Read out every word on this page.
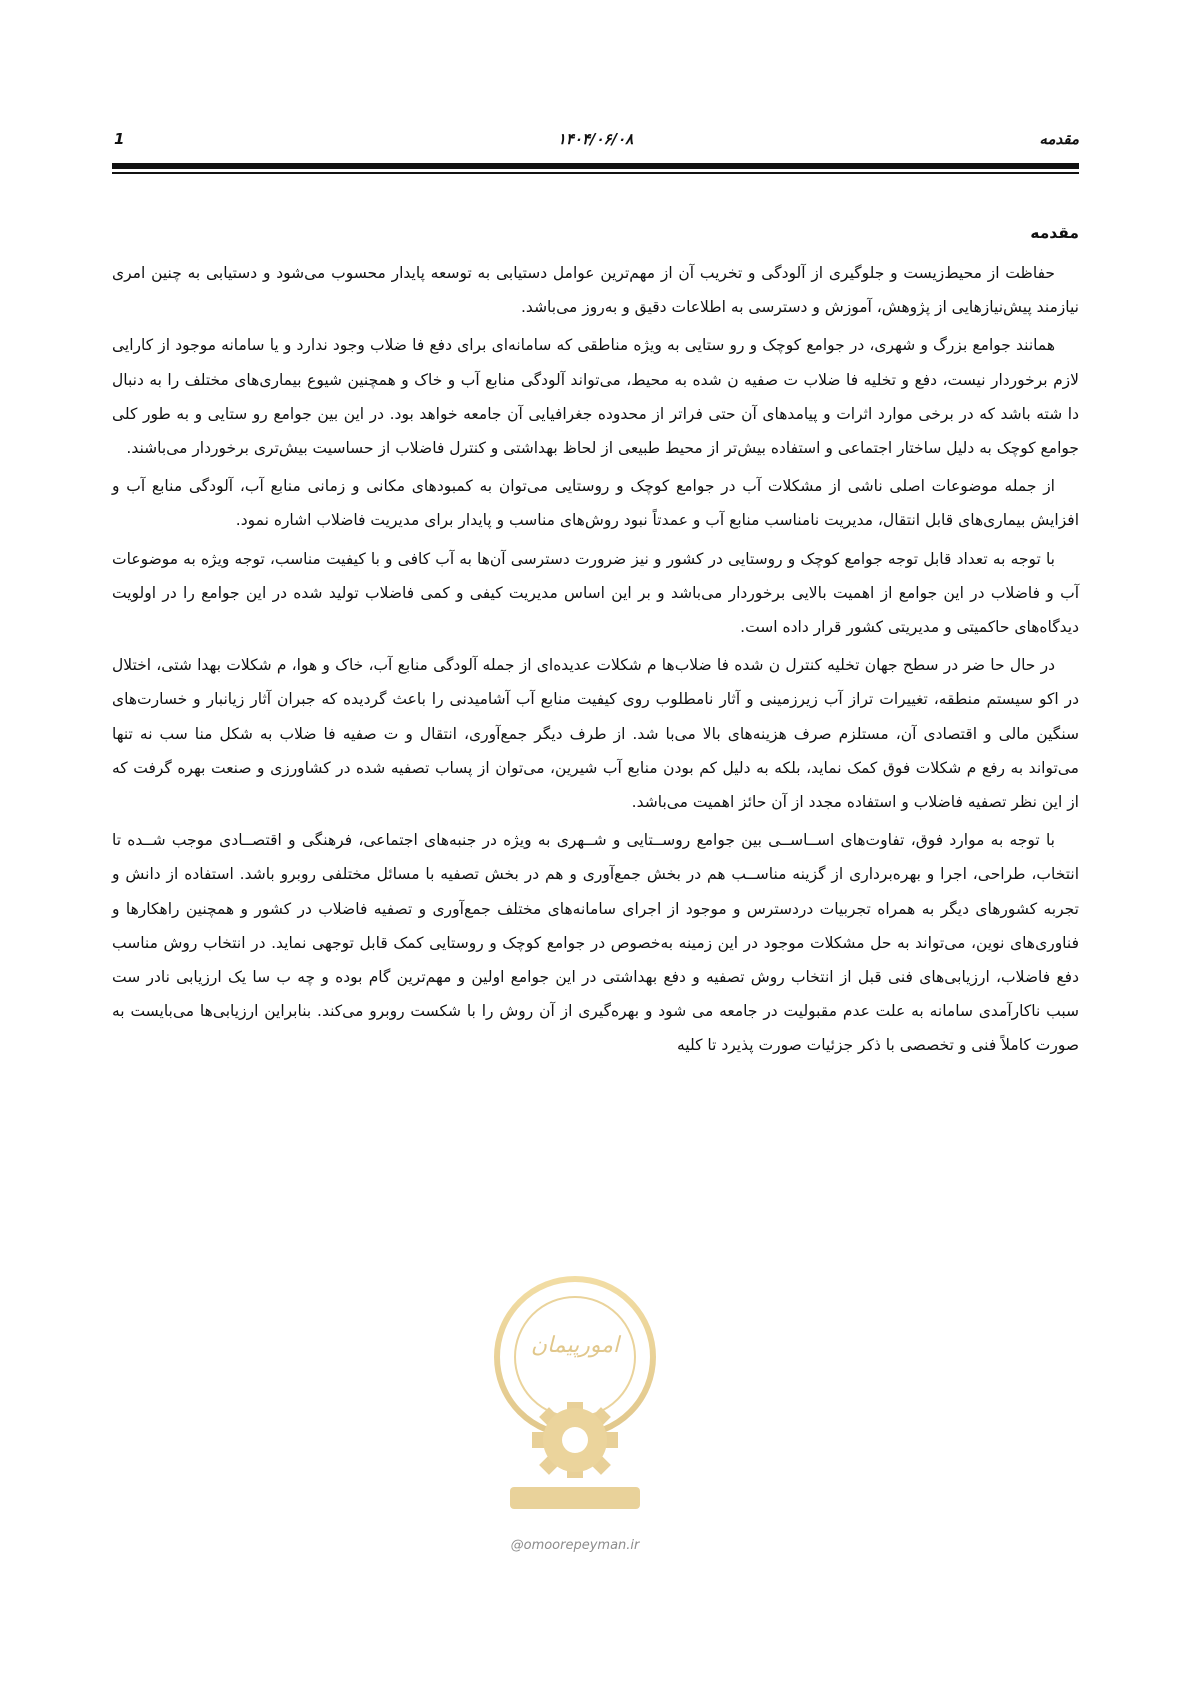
مقدمه
۱۴۰۴/۰۶/۰۸
1
مقدمه

حفاظت از محیط‌زیست و جلوگیری از آلودگی و تخریب آن از مهم‌ترین عوامل دستیابی به توسعه پایدار محسوب می‌شود و دستیابی به چنین امری نیازمند پیش‌نیازهایی از پژوهش، آموزش و دسترسی به اطلاعات دقیق و به‌روز می‌باشد.

همانند جوامع بزرگ و شهری، در جوامع کوچک و رو ستایی به ویژه مناطقی که سامانه‌ای برای دفع فا ضلاب وجود ندارد و یا سامانه موجود از کارایی لازم برخوردار نیست، دفع و تخلیه فا ضلاب ت صفیه ن شده به محیط، می‌تواند آلودگی منابع آب و خاک و همچنین شیوع بیماری‌های مختلف را به دنبال دا شته باشد که در برخی موارد اثرات و پیامدهای آن حتی فراتر از محدوده جغرافیایی آن جامعه خواهد بود. در این بین جوامع رو ستایی و به طور کلی جوامع کوچک به دلیل ساختار اجتماعی و استفاده بیش‌تر از محیط طبیعی از لحاظ بهداشتی و کنترل فاضلاب از حساسیت بیش‌تری برخوردار می‌باشند.

از جمله موضوعات اصلی ناشی از مشکلات آب در جوامع کوچک و روستایی می‌توان به کمبودهای مکانی و زمانی منابع آب، آلودگی منابع آب و افزایش بیماری‌های قابل انتقال، مدیریت نامناسب منابع آب و عمدتاً نبود روش‌های مناسب و پایدار برای مدیریت فاضلاب اشاره نمود.

با توجه به تعداد قابل توجه جوامع کوچک و روستایی در کشور و نیز ضرورت دسترسی آن‌ها به آب کافی و با کیفیت مناسب، توجه ویژه به موضوعات آب و فاضلاب در این جوامع از اهمیت بالایی برخوردار می‌باشد و بر این اساس مدیریت کیفی و کمی فاضلاب تولید شده در این جوامع را در اولویت دیدگاه‌های حاکمیتی و مدیریتی کشور قرار داده است.

در حال حا ضر در سطح جهان تخلیه کنترل ن شده فا ضلاب‌ها م شکلات عدیده‌ای از جمله آلودگی منابع آب، خاک و هوا، م شکلات بهدا شتی، اختلال در اکو سیستم منطقه، تغییرات تراز آب زیرزمینی و آثار نامطلوب روی کیفیت منابع آب آشامیدنی را باعث گردیده که جبران آثار زیانبار و خسارت‌های سنگین مالی و اقتصادی آن، مستلزم صرف هزینه‌های بالا می‌با شد. از طرف دیگر جمع‌آوری، انتقال و ت صفیه فا ضلاب به شکل منا سب نه تنها می‌تواند به رفع م شکلات فوق کمک نماید، بلکه به دلیل کم بودن منابع آب شیرین، می‌توان از پساب تصفیه شده در کشاورزی و صنعت بهره گرفت که از این نظر تصفیه فاضلاب و استفاده مجدد از آن حائز اهمیت می‌باشد.

با توجه به موارد فوق، تفاوت‌های اســاســی بین جوامع روســتایی و شــهری به ویژه در جنبه‌های اجتماعی، فرهنگی و اقتصــادی موجب شــده تا انتخاب، طراحی، اجرا و بهره‌برداری از گزینه مناســب هم در بخش جمع‌آوری و هم در بخش تصفیه با مسائل مختلفی روبرو باشد. استفاده از دانش و تجربه کشورهای دیگر به همراه تجربیات دردسترس و موجود از اجرای سامانه‌های مختلف جمع‌آوری و تصفیه فاضلاب در کشور و همچنین راهکارها و فناوری‌های نوین، می‌تواند به حل مشکلات موجود در این زمینه به‌خصوص در جوامع کوچک و روستایی کمک قابل توجهی نماید. در انتخاب روش مناسب دفع فاضلاب، ارزیابی‌های فنی قبل از انتخاب روش تصفیه و دفع بهداشتی در این جوامع اولین و مهم‌ترین گام بوده و چه ب سا یک ارزیابی نادر ست سبب ناکارآمدی سامانه به علت عدم مقبولیت در جامعه می شود و بهره‌گیری از آن روش را با شکست روبرو می‌کند. بنابراین ارزیابی‌ها می‌بایست به صورت کاملاً فنی و تخصصی با ذکر جزئیات صورت پذیرد تا کلیه

امورپیمان
@omoorepeyman.ir
